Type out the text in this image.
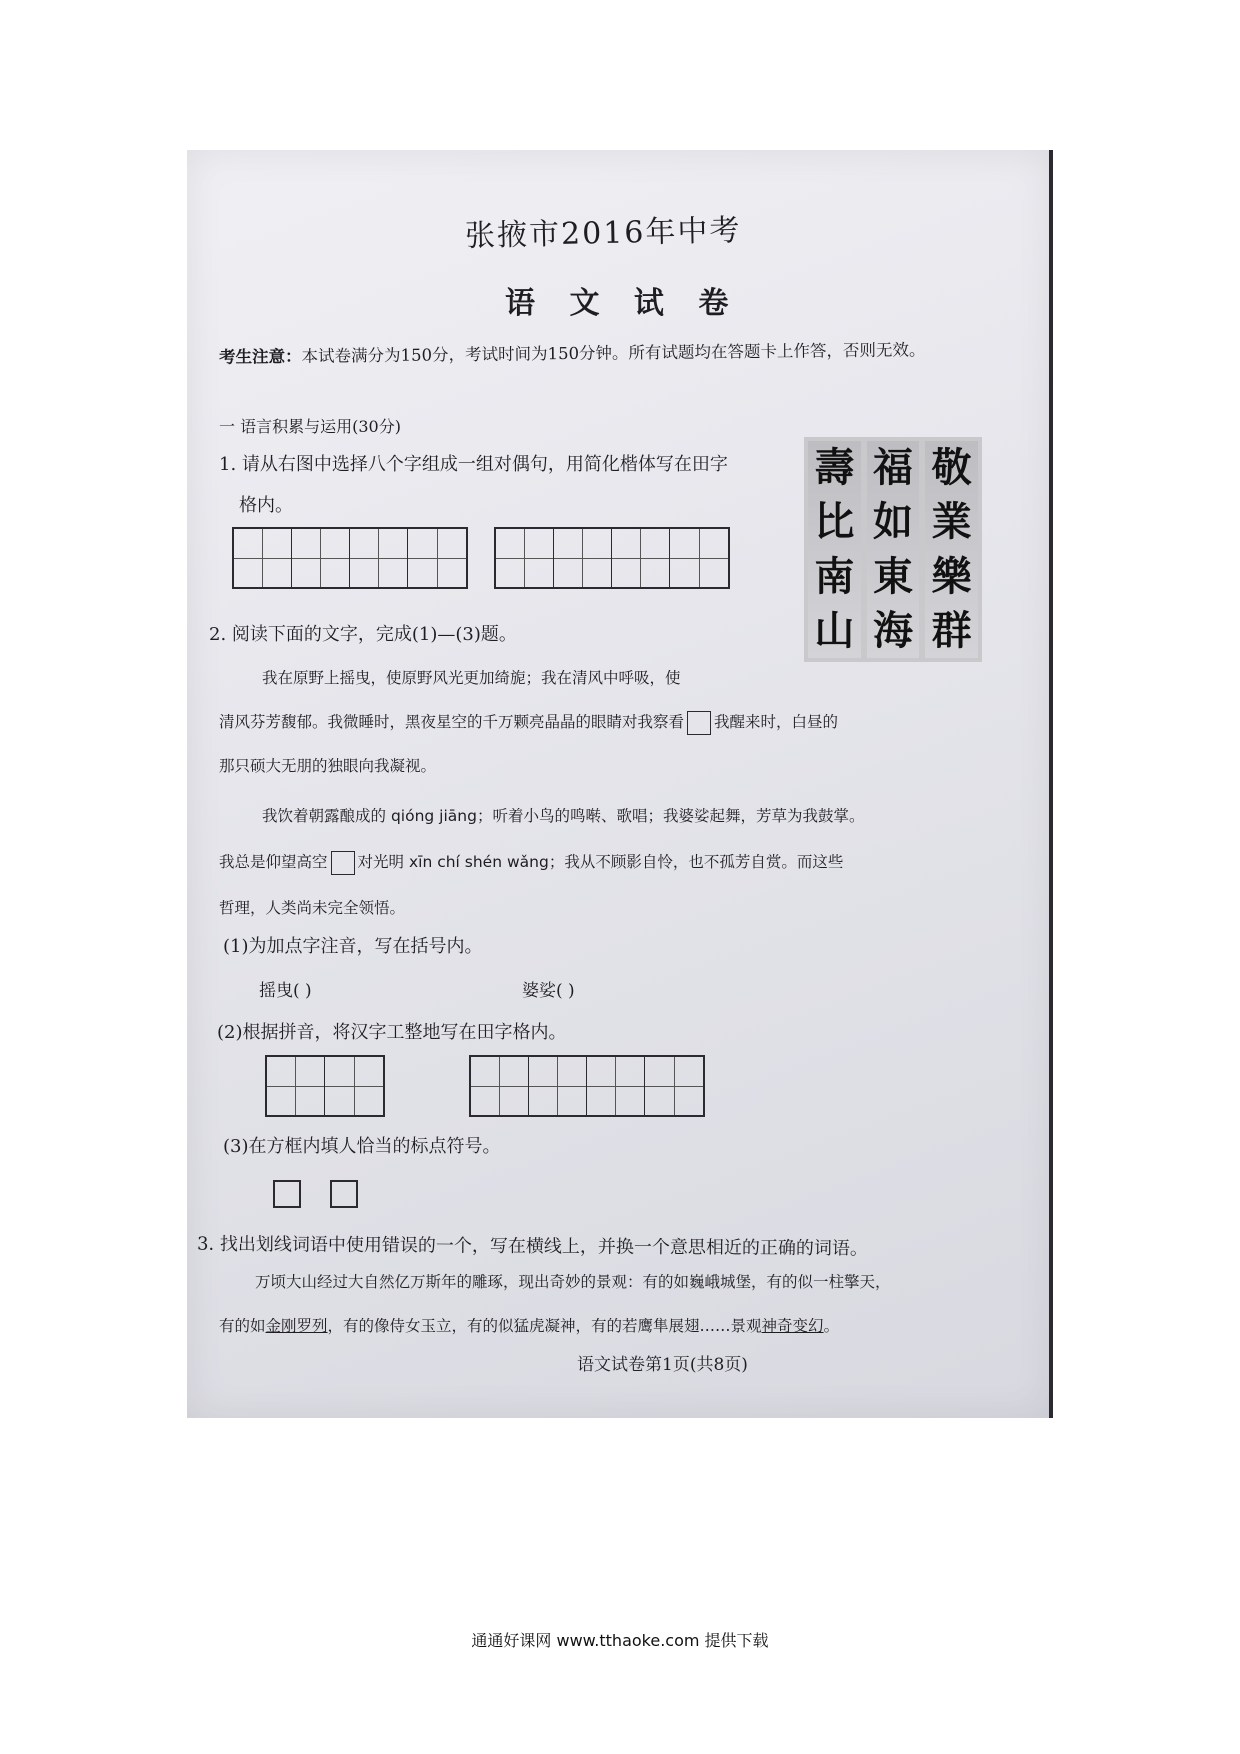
张掖市2016年中考
语 文 试 卷
考生注意：本试卷满分为150分，考试时间为150分钟。所有试题均在答题卡上作答，否则无效。
一 语言积累与运用(30分)
1. 请从右图中选择八个字组成一组对偶句，用简化楷体写在田字
格内。
壽
比
南
山
福
如
東
海
敬
業
樂
群
2. 阅读下面的文字，完成(1)—(3)题。
我在原野上摇曳，使原野风光更加绮旎；我在清风中呼吸，使
清风芬芳馥郁。我微睡时，黑夜星空的千万颗亮晶晶的眼睛对我察看 我醒来时，白昼的
那只硕大无朋的独眼向我凝视。
我饮着朝露酿成的 qióng jiāng；听着小鸟的鸣啭、歌唱；我婆娑起舞，芳草为我鼓掌。
我总是仰望高空 对光明 xīn chí shén wǎng；我从不顾影自怜，也不孤芳自赏。而这些
哲理，人类尚未完全领悟。
(1)为加点字注音，写在括号内。
摇曳( )	婆娑( )
(2)根据拼音，将汉字工整地写在田字格内。
(3)在方框内填人恰当的标点符号。
3. 找出划线词语中使用错误的一个，写在横线上，并换一个意思相近的正确的词语。
万顷大山经过大自然亿万斯年的雕琢，现出奇妙的景观：有的如巍峨城堡，有的似一柱擎天，
有的如金刚罗列，有的像侍女玉立，有的似猛虎凝神，有的若鹰隼展翅……景观神奇变幻。
语文试卷第1页(共8页)
通通好课网 www.tthaoke.com 提供下载
